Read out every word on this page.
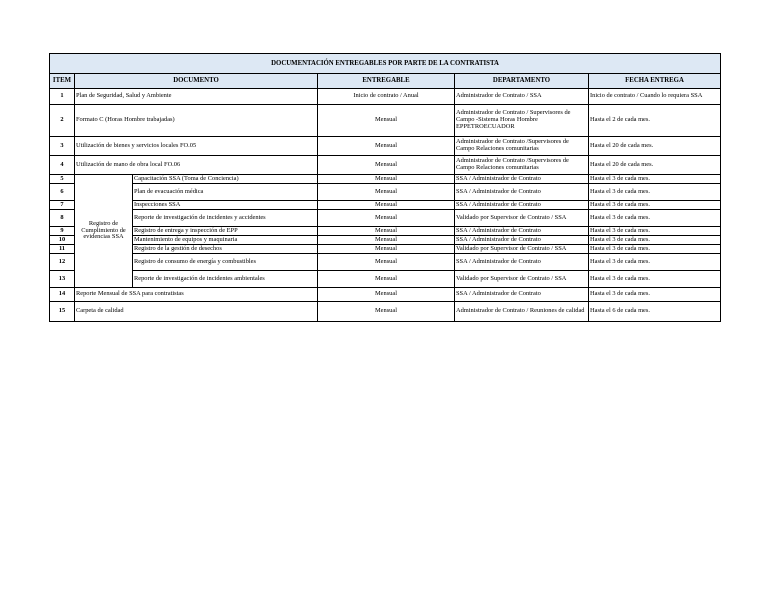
DOCUMENTACIÓN ENTREGABLES POR PARTE DE LA CONTRATISTA					
ITEM	DOCUMENTO		ENTREGABLE	DEPARTAMENTO	FECHA ENTREGA
1	Plan de Seguridad, Salud y Ambiente		Inicio de contrato / Anual	Administrador de Contrato / SSA	Inicio de contrato / Cuando lo requiera SSA
2	Formato C (Horas Hombre trabajadas)		Mensual	Administrador de Contrato / Supervisores de Campo -Sistema Horas Hombre EPPETROECUADOR	Hasta el 2 de cada mes.
3	Utilización de bienes y servicios locales FO.05		Mensual	Administrador de Contrato /Supervisores de Campo Relaciones comunitarias	Hasta el 20 de cada mes.
4	Utilización de mano de obra local FO.06		Mensual	Administrador de Contrato /Supervisores de Campo Relaciones comunitarias	Hasta el 20 de cada mes.
5	Registro de Cumplimiento de evidencias SSA	Capacitación SSA (Toma de Conciencia)	Mensual	SSA / Administrador de Contrato	Hasta el 3 de cada mes.
6		Plan de evacuación médica	Mensual	SSA / Administrador de Contrato	Hasta el 3 de cada mes.
7		Inspecciones SSA	Mensual	SSA / Administrador de Contrato	Hasta el 3 de cada mes.
8		Reporte de investigación de incidentes y accidentes	Mensual	Validado por Supervisor de Contrato / SSA	Hasta el 3 de cada mes.
9		Registro de entrega y inspección de EPP	Mensual	SSA / Administrador de Contrato	Hasta el 3 de cada mes.
10		Mantenimiento de equipos y maquinaria	Mensual	SSA / Administrador de Contrato	Hasta el 3 de cada mes.
11		Registro de la gestión de desechos	Mensual	Validado por Supervisor de Contrato / SSA	Hasta el 3 de cada mes.
12		Registro de consumo de energía y combustibles	Mensual	SSA / Administrador de Contrato	Hasta el 3 de cada mes.
13		Reporte de investigación de incidentes ambientales	Mensual	Validado por Supervisor de Contrato / SSA	Hasta el 3 de cada mes.
14	Reporte Mensual de SSA para contratistas		Mensual	SSA / Administrador de Contrato	Hasta el 3 de cada mes.
15	Carpeta de calidad		Mensual	Administrador de Contrato / Reuniones de calidad	Hasta el 6 de cada mes.
